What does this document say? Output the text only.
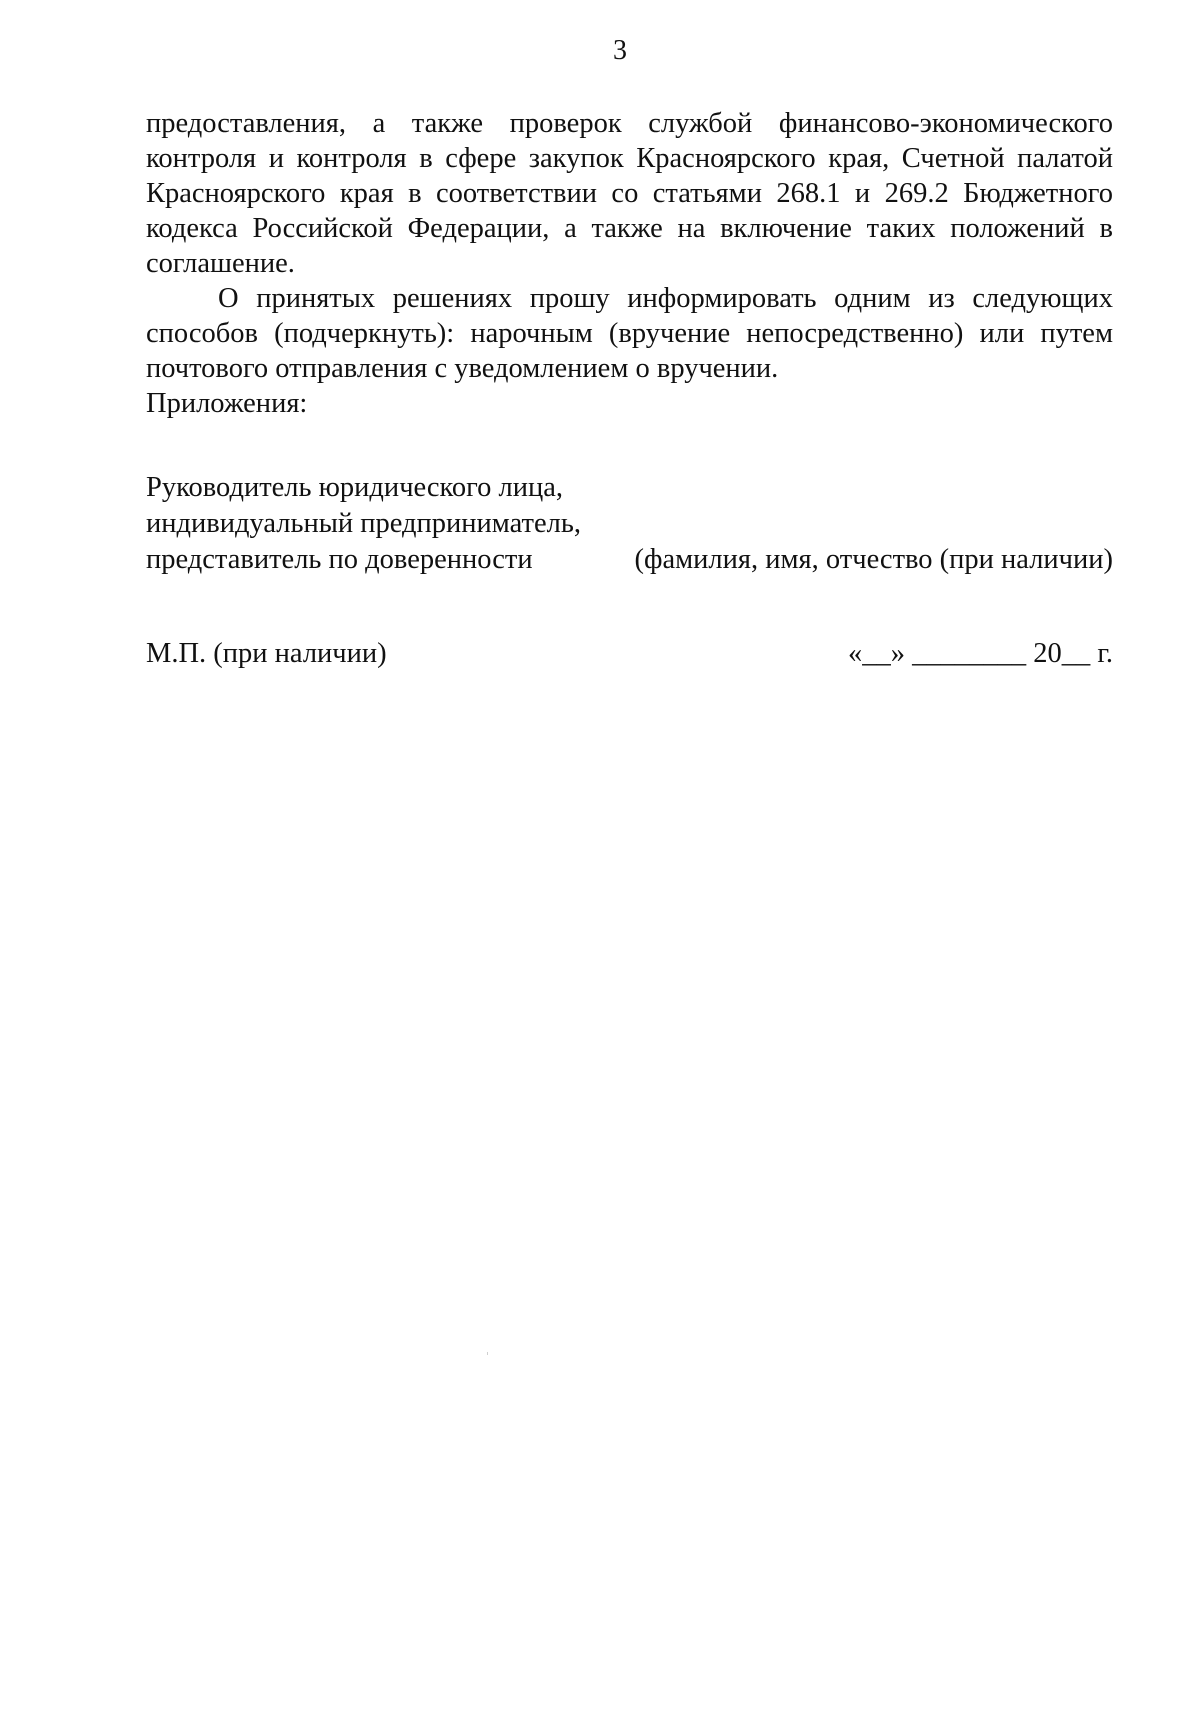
3

предоставления, а также проверок службой финансово-экономического контроля и контроля в сфере закупок Красноярского края, Счетной палатой Красноярского края в соответствии со статьями 268.1 и 269.2 Бюджетного кодекса Российской Федерации, а также на включение таких положений в соглашение.

О принятых решениях прошу информировать одним из следующих способов (подчеркнуть): нарочным (вручение непосредственно) или путем почтового отправления с уведомлением о вручении.

Приложения:

Руководитель юридического лица,
индивидуальный предприниматель,
представитель по доверенности	(фамилия, имя, отчество (при наличии)
М.П. (при наличии)	«__» ________ 20__ г.
